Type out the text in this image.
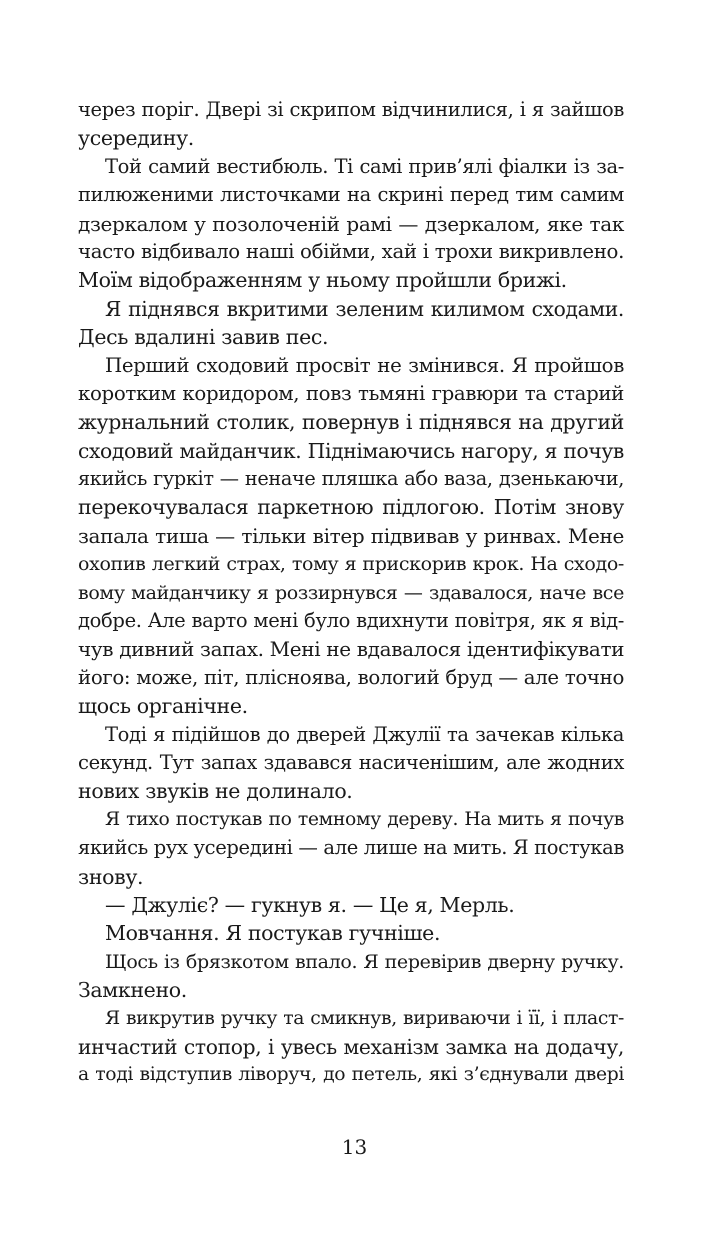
через поріг. Двері зі скрипом відчинилися, і я зайшов
усередину.
Той самий вестибюль. Ті самі прив’ялі фіалки із за-
пилюженими листочками на скрині перед тим самим
дзеркалом у позолоченій рамі — дзеркалом, яке так
часто відбивало наші обійми, хай і трохи викривлено.
Моїм відображенням у ньому пройшли брижі.
Я піднявся вкритими зеленим килимом сходами.
Десь вдалині завив пес.
Перший сходовий просвіт не змінився. Я пройшов
коротким коридором, повз тьмяні гравюри та старий
журнальний столик, повернув і піднявся на другий
сходовий майданчик. Піднімаючись нагору, я почув
якийсь гуркіт — неначе пляшка або ваза, дзенькаючи,
перекочувалася паркетною підлогою. Потім знову
запала тиша — тільки вітер підвивав у ринвах. Мене
охопив легкий страх, тому я прискорив крок. На сходо-
вому майданчику я роззирнувся — здавалося, наче все
добре. Але варто мені було вдихнути повітря, як я від-
чув дивний запах. Мені не вдавалося ідентифікувати
його: може, піт, плісноява, вологий бруд — але точно
щось органічне.
Тоді я підійшов до дверей Джулії та зачекав кілька
секунд. Тут запах здавався насиченішим, але жодних
нових звуків не долинало.
Я тихо постукав по темному дереву. На мить я почув
якийсь рух усередині — але лише на мить. Я постукав
знову.
— Джуліє? — гукнув я. — Це я, Мерль.
Мовчання. Я постукав гучніше.
Щось із брязкотом впало. Я перевірив дверну ручку.
Замкнено.
Я викрутив ручку та смикнув, вириваючи і її, і пласт-
инчастий стопор, і увесь механізм замка на додачу,
а тоді відступив ліворуч, до петель, які з’єднували двері
13
